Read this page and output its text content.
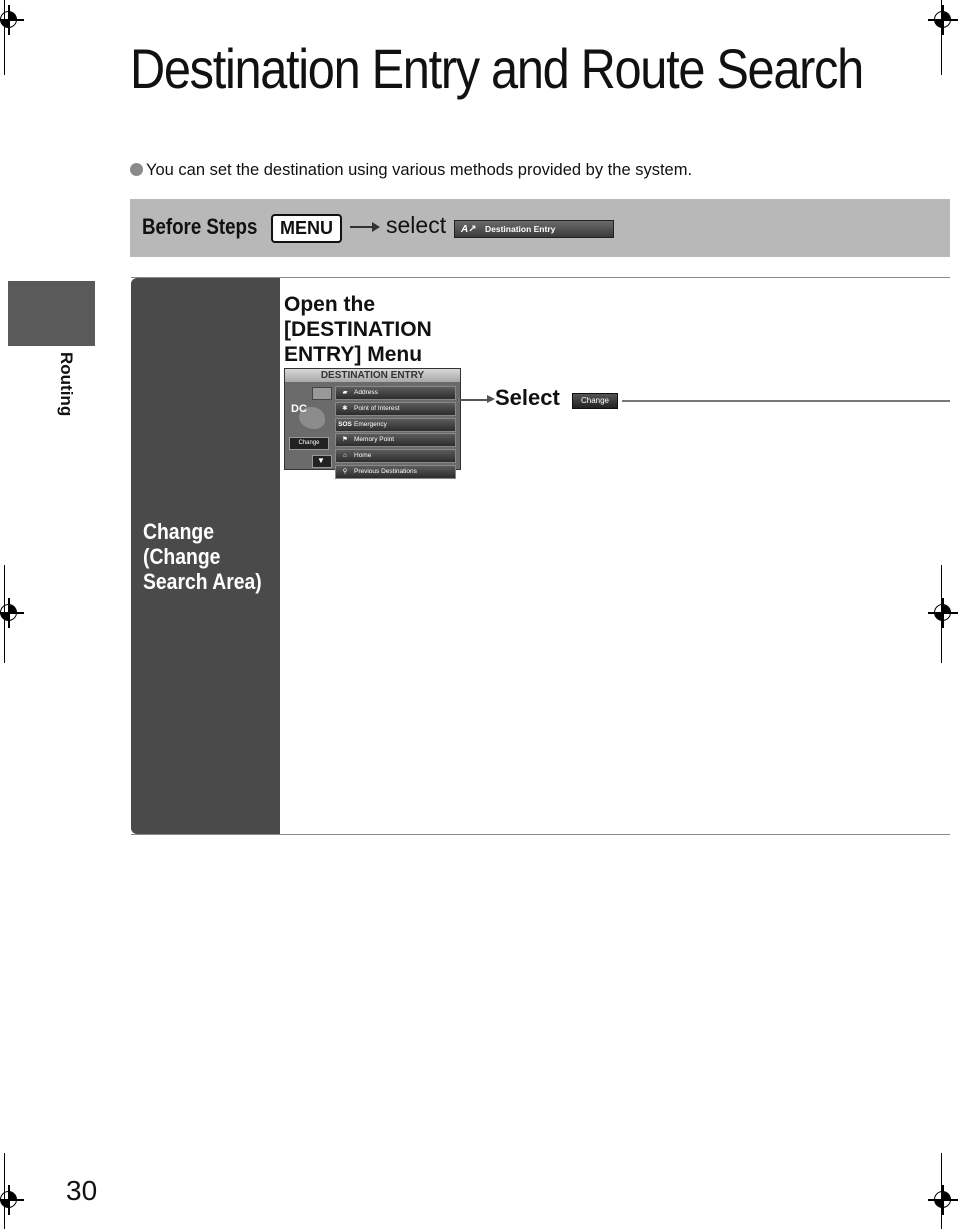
Destination Entry and Route Search
You can set the destination using various methods provided by the system.
Before Steps	MENU	select	A↗ Destination Entry
Routing
Change
(Change
Search Area)
Open the
[DESTINATION
ENTRY] Menu
DESTINATION ENTRY
DC
Change
▼
▰ Address
✱ Point of Interest
SOS Emergency
⚑ Memory Point
⌂ Home
⚲ Previous Destinations
Select	Change
30
